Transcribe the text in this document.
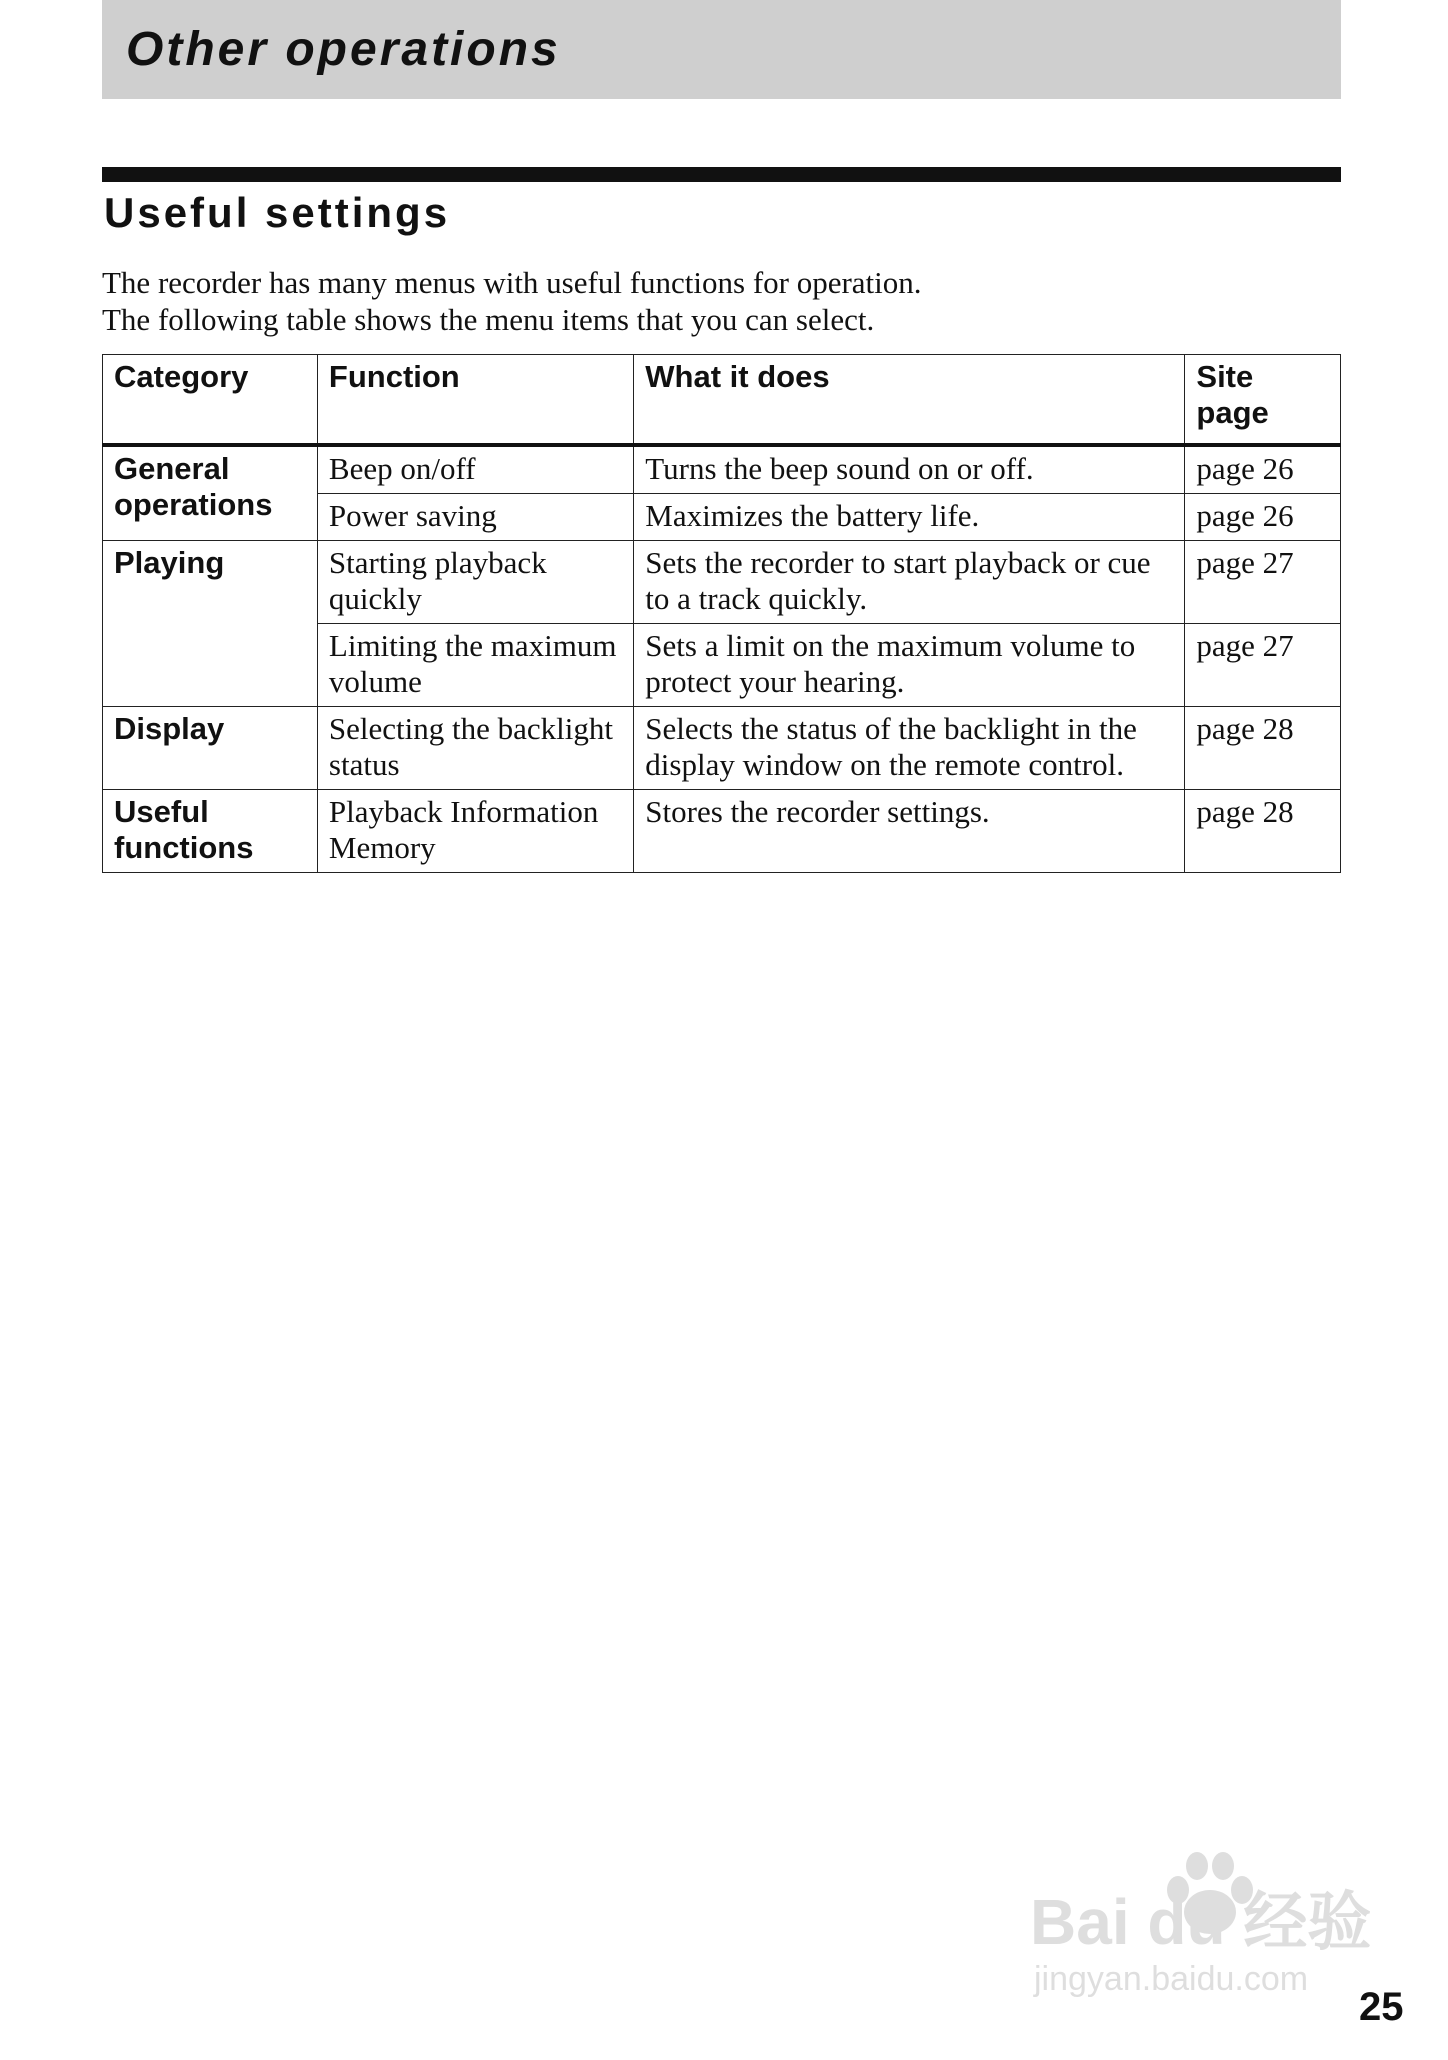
Other operations
Useful settings

The recorder has many menus with useful functions for operation.

The following table shows the menu items that you can select.

Category	Function	What it does	Site page
General operations	Beep on/off	Turns the beep sound on or off.	page 26
	Power saving	Maximizes the battery life.	page 26
Playing	Starting playback quickly	Sets the recorder to start playback or cue to a track quickly.	page 27
	Limiting the maximum volume	Sets a limit on the maximum volume to protect your hearing.	page 27
Display	Selecting the backlight status	Selects the status of the backlight in the display window on the remote control.	page 28
Useful functions	Playback Information Memory	Stores the recorder settings.	page 28
Bai du 经验
jingyan.baidu.com
25
